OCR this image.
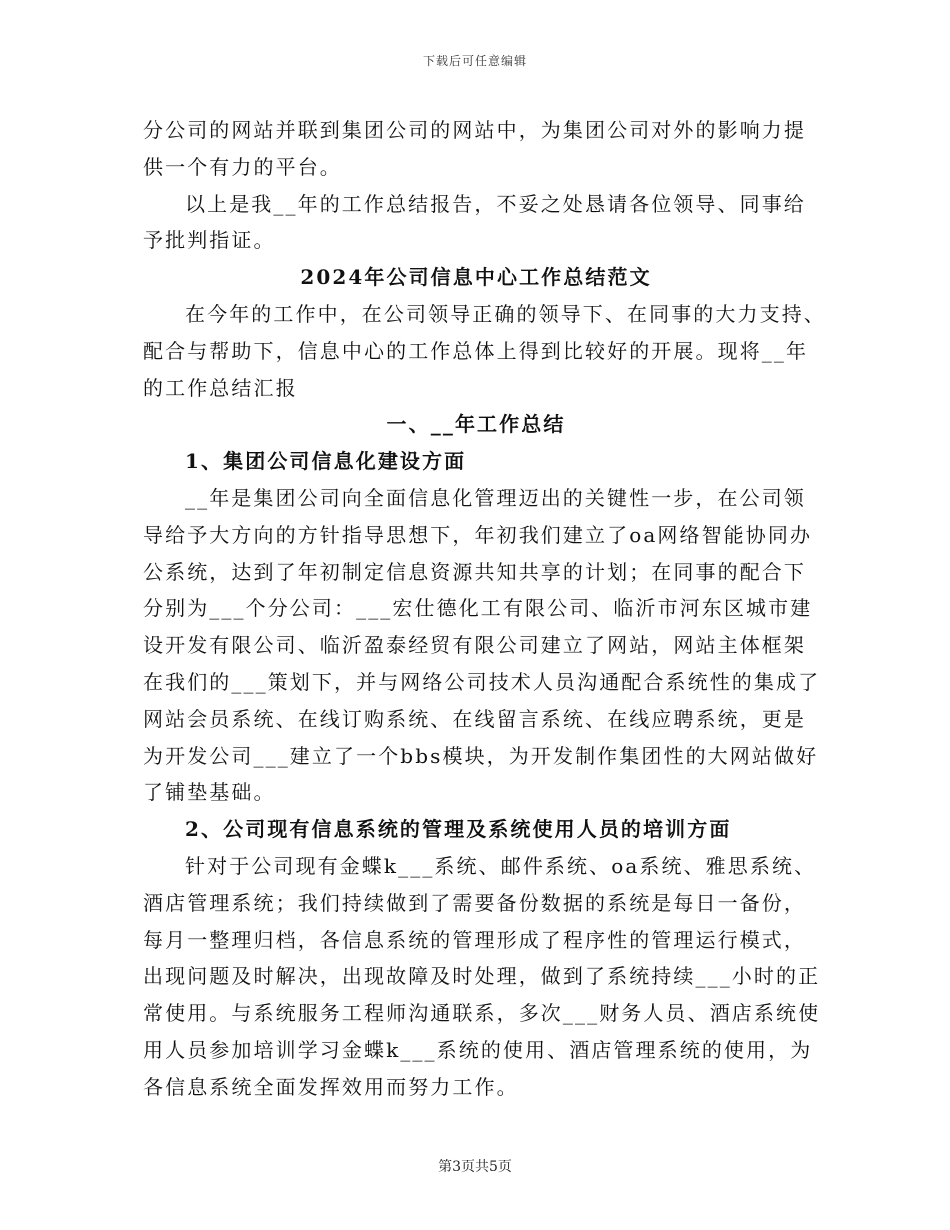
下载后可任意编辑
分公司的网站并联到集团公司的网站中，为集团公司对外的影响力提
供一个有力的平台。
以上是我__年的工作总结报告，不妥之处恳请各位领导、同事给
予批判指证。
2024年公司信息中心工作总结范文
在今年的工作中，在公司领导正确的领导下、在同事的大力支持、
配合与帮助下，信息中心的工作总体上得到比较好的开展。现将__年
的工作总结汇报
一、__年工作总结
1、集团公司信息化建设方面
__年是集团公司向全面信息化管理迈出的关键性一步，在公司领
导给予大方向的方针指导思想下，年初我们建立了oa网络智能协同办
公系统，达到了年初制定信息资源共知共享的计划；在同事的配合下
分别为___个分公司：___宏仕德化工有限公司、临沂市河东区城市建
设开发有限公司、临沂盈泰经贸有限公司建立了网站，网站主体框架
在我们的___策划下，并与网络公司技术人员沟通配合系统性的集成了
网站会员系统、在线订购系统、在线留言系统、在线应聘系统，更是
为开发公司___建立了一个bbs模块，为开发制作集团性的大网站做好
了铺垫基础。
2、公司现有信息系统的管理及系统使用人员的培训方面
针对于公司现有金蝶k___系统、邮件系统、oa系统、雅思系统、
酒店管理系统；我们持续做到了需要备份数据的系统是每日一备份，
每月一整理归档，各信息系统的管理形成了程序性的管理运行模式，
出现问题及时解决，出现故障及时处理，做到了系统持续___小时的正
常使用。与系统服务工程师沟通联系，多次___财务人员、酒店系统使
用人员参加培训学习金蝶k___系统的使用、酒店管理系统的使用，为
各信息系统全面发挥效用而努力工作。
第3页共5页
